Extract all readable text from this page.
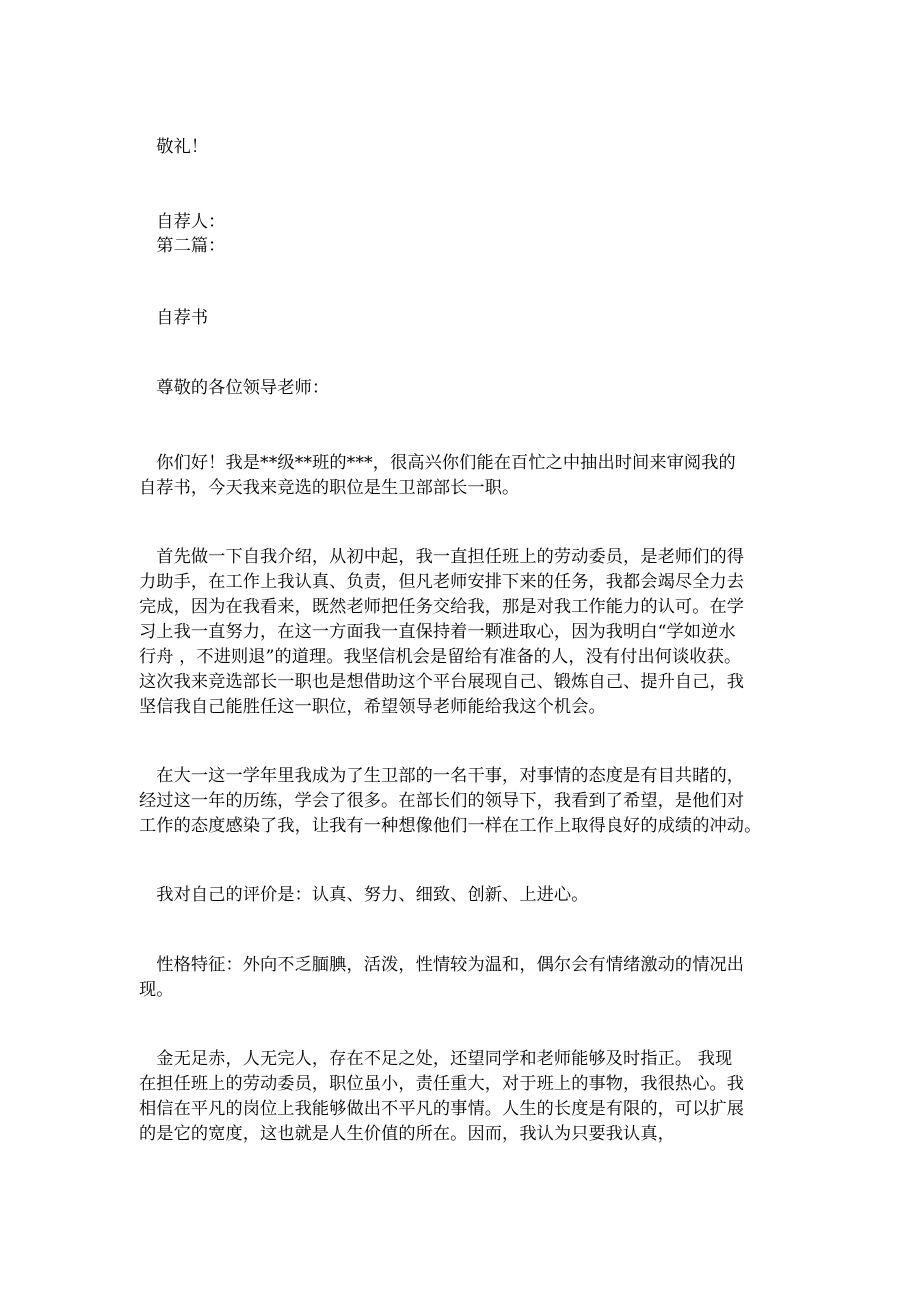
　敬礼！
　自荐人：
　第二篇：
　自荐书
　尊敬的各位领导老师：
　你们好！我是**级**班的***，很高兴你们能在百忙之中抽出时间来审阅我的
自荐书，今天我来竞选的职位是生卫部部长一职。
　首先做一下自我介绍，从初中起，我一直担任班上的劳动委员，是老师们的得
力助手，在工作上我认真、负责，但凡老师安排下来的任务，我都会竭尽全力去
完成，因为在我看来，既然老师把任务交给我，那是对我工作能力的认可。在学
习上我一直努力，在这一方面我一直保持着一颗进取心，因为我明白“学如逆水
行舟 ，不进则退”的道理。我坚信机会是留给有准备的人，没有付出何谈收获。
这次我来竞选部长一职也是想借助这个平台展现自己、锻炼自己、提升自己，我
坚信我自己能胜任这一职位，希望领导老师能给我这个机会。
　在大一这一学年里我成为了生卫部的一名干事，对事情的态度是有目共睹的，
经过这一年的历练，学会了很多。在部长们的领导下，我看到了希望，是他们对
工作的态度感染了我，让我有一种想像他们一样在工作上取得良好的成绩的冲动。
　我对自己的评价是：认真、努力、细致、创新、上进心。
　性格特征：外向不乏腼腆，活泼，性情较为温和，偶尔会有情绪激动的情况出
现。
　金无足赤，人无完人，存在不足之处，还望同学和老师能够及时指正。 我现
在担任班上的劳动委员，职位虽小，责任重大，对于班上的事物，我很热心。我
相信在平凡的岗位上我能够做出不平凡的事情。人生的长度是有限的，可以扩展
的是它的宽度，这也就是人生价值的所在。因而，我认为只要我认真，
